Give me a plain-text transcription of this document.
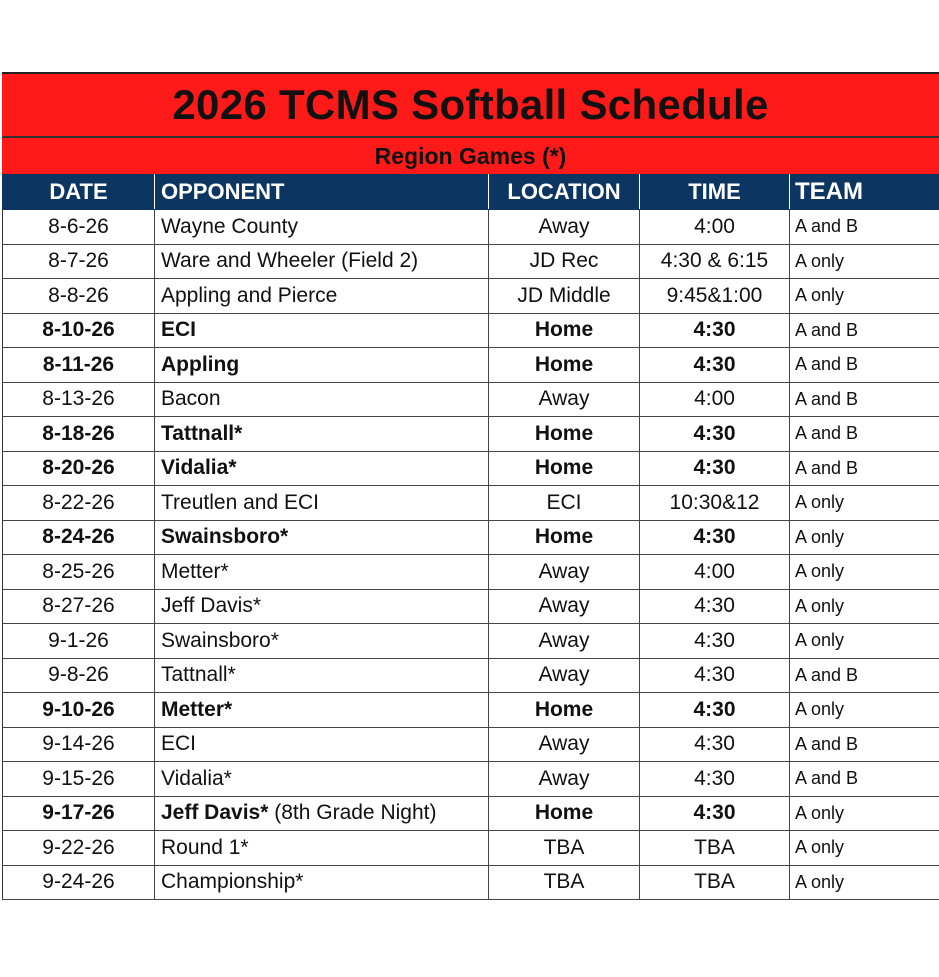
2026 TCMS Softball Schedule
Region Games (*)
DATE	OPPONENT	LOCATION	TIME	TEAM
8-6-26	Wayne County	Away	4:00	A and B
8-7-26	Ware and Wheeler (Field 2)	JD Rec	4:30 & 6:15	A only
8-8-26	Appling and Pierce	JD Middle	9:45&1:00	A only
8-10-26	ECI	Home	4:30	A and B
8-11-26	Appling	Home	4:30	A and B
8-13-26	Bacon	Away	4:00	A and B
8-18-26	Tattnall*	Home	4:30	A and B
8-20-26	Vidalia*	Home	4:30	A and B
8-22-26	Treutlen and ECI	ECI	10:30&12	A only
8-24-26	Swainsboro*	Home	4:30	A only
8-25-26	Metter*	Away	4:00	A only
8-27-26	Jeff Davis*	Away	4:30	A only
9-1-26	Swainsboro*	Away	4:30	A only
9-8-26	Tattnall*	Away	4:30	A and B
9-10-26	Metter*	Home	4:30	A only
9-14-26	ECI	Away	4:30	A and B
9-15-26	Vidalia*	Away	4:30	A and B
9-17-26	Jeff Davis* (8th Grade Night)	Home	4:30	A only
9-22-26	Round 1*	TBA	TBA	A only
9-24-26	Championship*	TBA	TBA	A only
